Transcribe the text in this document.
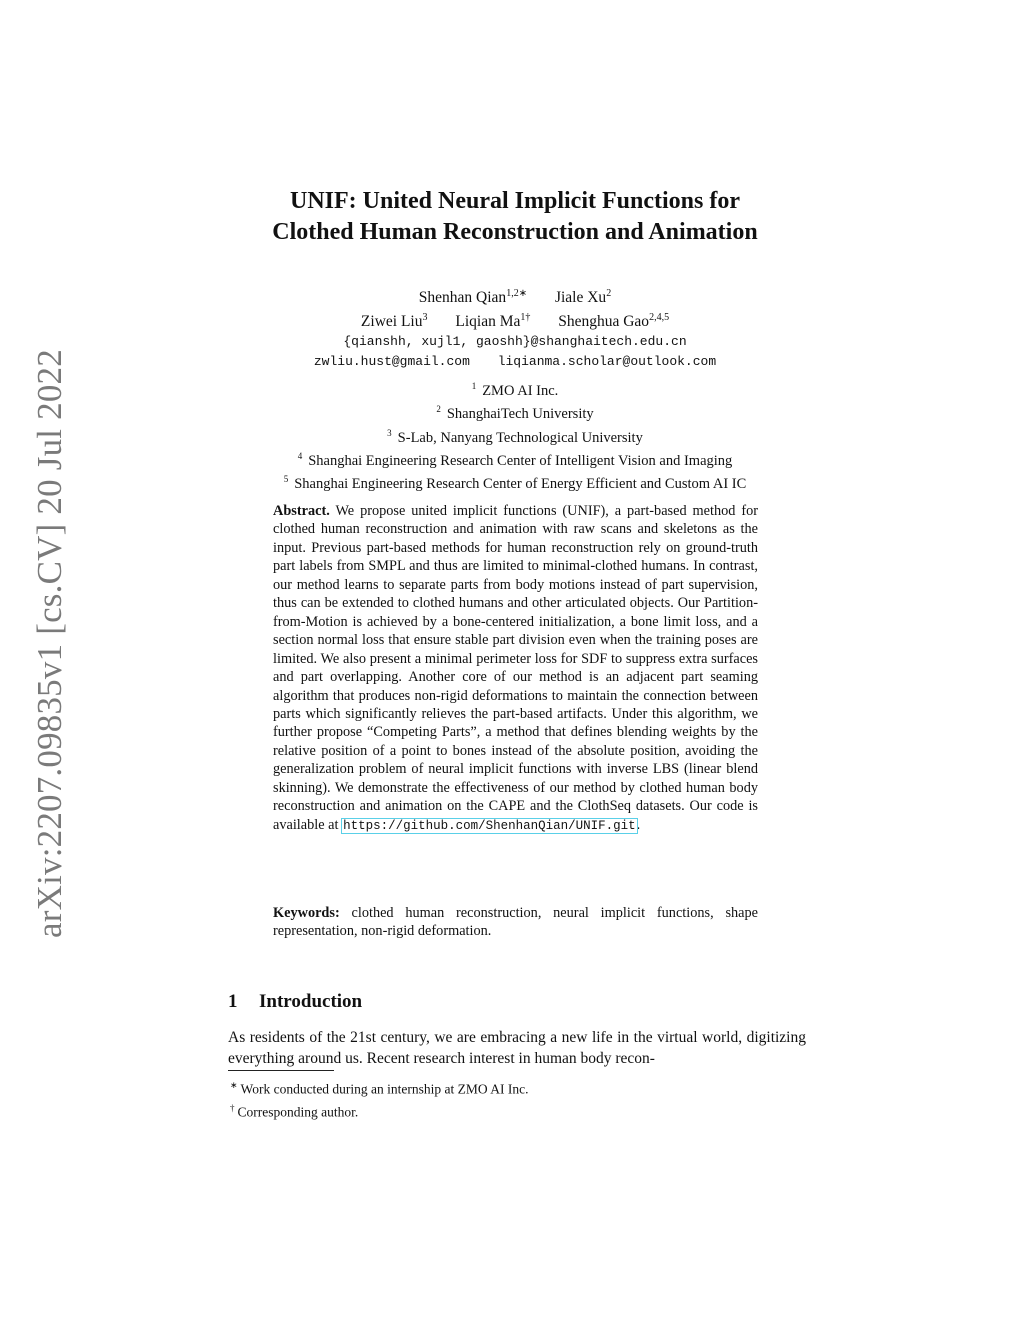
arXiv:2207.09835v1 [cs.CV] 20 Jul 2022
UNIF: United Neural Implicit Functions for
Clothed Human Reconstruction and Animation
Shenhan Qian$^{1,2∗}$ Jiale Xu$^2$
Ziwei Liu$^3$ Liqian $Ma^{1\dagger}$ Shenghua Gao$^{2,4,5}$
{qianshh, xujl1, gaoshh}@shanghaitech.edu.cn
zwliu.hust@gmail.com liqianma.scholar@outlook.com
$^1$ ZMO AI Inc.
$^2$ ShanghaiTech University
$^3$ S-Lab, Nanyang Technological University
$^4$ Shanghai Engineering Research Center of Intelligent Vision and Imaging
$^5$ Shanghai Engineering Research Center of Energy Efficient and Custom AI IC
Abstract. We propose united implicit functions (UNIF), a part-based method for clothed human reconstruction and animation with raw scans and skeletons as the input. Previous part-based methods for human reconstruction rely on ground-truth part labels from SMPL and thus are limited to minimal-clothed humans. In contrast, our method learns to separate parts from body motions instead of part supervision, thus can be extended to clothed humans and other articulated objects. Our Partition-from-Motion is achieved by a bone-centered initialization, a bone limit loss, and a section normal loss that ensure stable part division even when the training poses are limited. We also present a minimal perimeter loss for SDF to suppress extra surfaces and part overlapping. Another core of our method is an adjacent part seaming algorithm that produces non-rigid deformations to maintain the connection between parts which significantly relieves the part-based artifacts. Under this algorithm, we further propose “Competing Parts”, a method that defines blending weights by the relative position of a point to bones instead of the absolute position, avoiding the generalization problem of neural implicit functions with inverse LBS (linear blend skinning). We demonstrate the effectiveness of our method by clothed human body reconstruction and animation on the CAPE and the ClothSeq datasets. Our code is available at https://github.com/ShenhanQian/UNIF.git.
Keywords: clothed human reconstruction, neural implicit functions, shape representation, non-rigid deformation.
1 Introduction
As residents of the 21st century, we are embracing a new life in the virtual world, digitizing everything around us. Recent research interest in human body recon-
∗ Work conducted during an internship at ZMO AI Inc.
† Corresponding author.
